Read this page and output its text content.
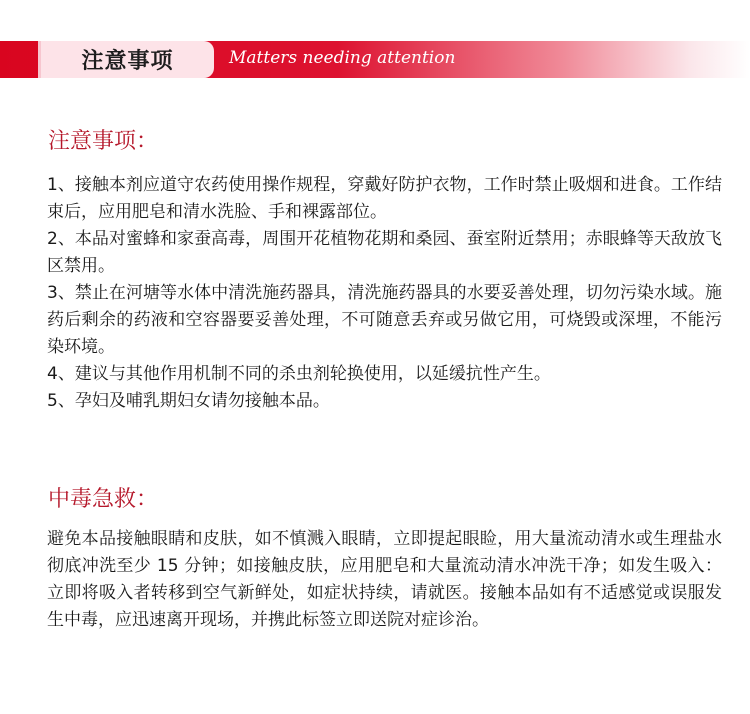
注意事项	Matters needing attention
注意事项：

1、接触本剂应道守农药使用操作规程，穿戴好防护衣物，工作时禁止吸烟和进食。工作结束后，应用肥皂和清水洗脸、手和裸露部位。

2、本品对蜜蜂和家蚕高毒，周围开花植物花期和桑园、蚕室附近禁用；赤眼蜂等天敌放飞区禁用。

3、禁止在河塘等水体中清洗施药器具，清洗施药器具的水要妥善处理，切勿污染水域。施药后剩余的药液和空容器要妥善处理，不可随意丢弃或另做它用，可烧毁或深埋，不能污染环境。

4、建议与其他作用机制不同的杀虫剂轮换使用，以延缓抗性产生。

5、孕妇及哺乳期妇女请勿接触本品。

中毒急救：

避免本品接触眼睛和皮肤，如不慎溅入眼睛，立即提起眼睑，用大量流动清水或生理盐水彻底冲洗至少 15 分钟；如接触皮肤，应用肥皂和大量流动清水冲洗干净；如发生吸入：立即将吸入者转移到空气新鲜处，如症状持续，请就医。接触本品如有不适感觉或误服发生中毒，应迅速离开现场，并携此标签立即送院对症诊治。
